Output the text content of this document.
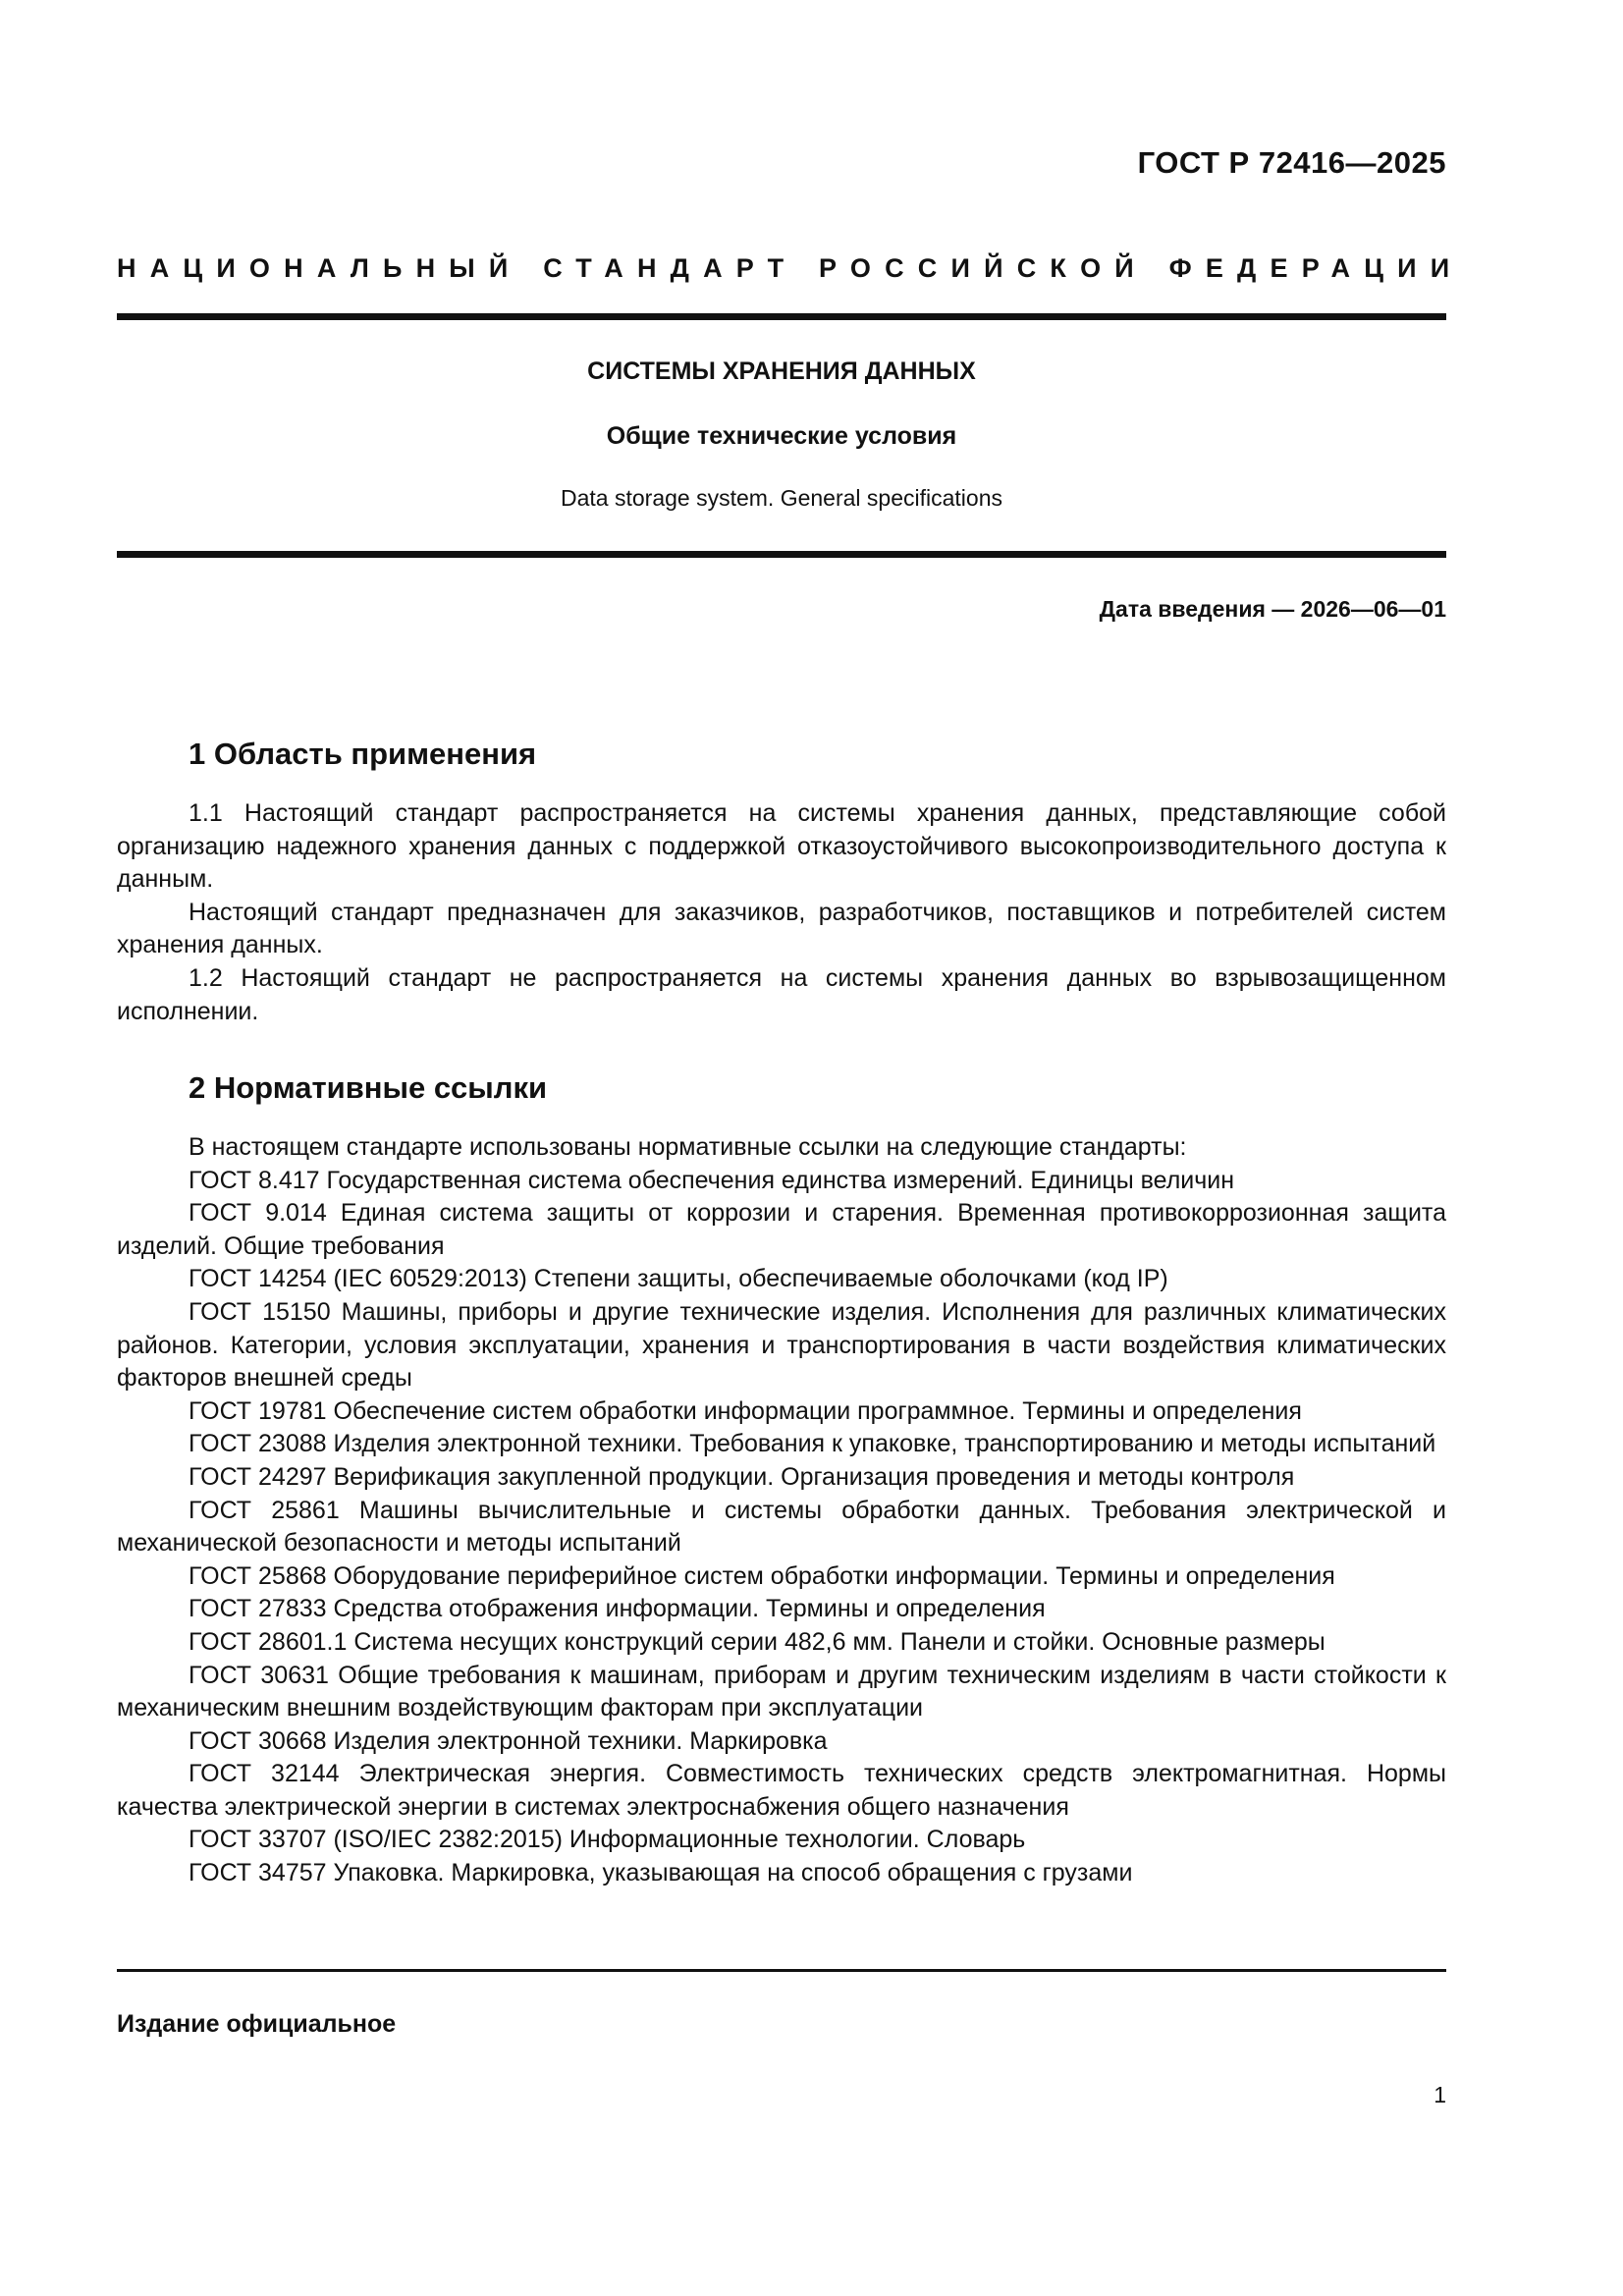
ГОСТ Р 72416—2025
НАЦИОНАЛЬНЫЙ СТАНДАРТ РОССИЙСКОЙ ФЕДЕРАЦИИ
СИСТЕМЫ ХРАНЕНИЯ ДАННЫХ
Общие технические условия
Data storage system. General specifications
Дата введения — 2026—06—01
1 Область применения

1.1 Настоящий стандарт распространяется на системы хранения данных, представляющие собой организацию надежного хранения данных с поддержкой отказоустойчивого высокопроизводительного доступа к данным.

Настоящий стандарт предназначен для заказчиков, разработчиков, поставщиков и потребителей систем хранения данных.

1.2 Настоящий стандарт не распространяется на системы хранения данных во взрывозащищенном исполнении.

2 Нормативные ссылки

В настоящем стандарте использованы нормативные ссылки на следующие стандарты:

ГОСТ 8.417 Государственная система обеспечения единства измерений. Единицы величин

ГОСТ 9.014 Единая система защиты от коррозии и старения. Временная противокоррозионная защита изделий. Общие требования

ГОСТ 14254 (IEC 60529:2013) Степени защиты, обеспечиваемые оболочками (код IP)

ГОСТ 15150 Машины, приборы и другие технические изделия. Исполнения для различных климатических районов. Категории, условия эксплуатации, хранения и транспортирования в части воздействия климатических факторов внешней среды

ГОСТ 19781 Обеспечение систем обработки информации программное. Термины и определения

ГОСТ 23088 Изделия электронной техники. Требования к упаковке, транспортированию и методы испытаний

ГОСТ 24297 Верификация закупленной продукции. Организация проведения и методы контроля

ГОСТ 25861 Машины вычислительные и системы обработки данных. Требования электрической и механической безопасности и методы испытаний

ГОСТ 25868 Оборудование периферийное систем обработки информации. Термины и определения

ГОСТ 27833 Средства отображения информации. Термины и определения

ГОСТ 28601.1 Система несущих конструкций серии 482,6 мм. Панели и стойки. Основные размеры

ГОСТ 30631 Общие требования к машинам, приборам и другим техническим изделиям в части стойкости к механическим внешним воздействующим факторам при эксплуатации

ГОСТ 30668 Изделия электронной техники. Маркировка

ГОСТ 32144 Электрическая энергия. Совместимость технических средств электромагнитная. Нормы качества электрической энергии в системах электроснабжения общего назначения

ГОСТ 33707 (ISO/IEC 2382:2015) Информационные технологии. Словарь

ГОСТ 34757 Упаковка. Маркировка, указывающая на способ обращения с грузами

Издание официальное
1
